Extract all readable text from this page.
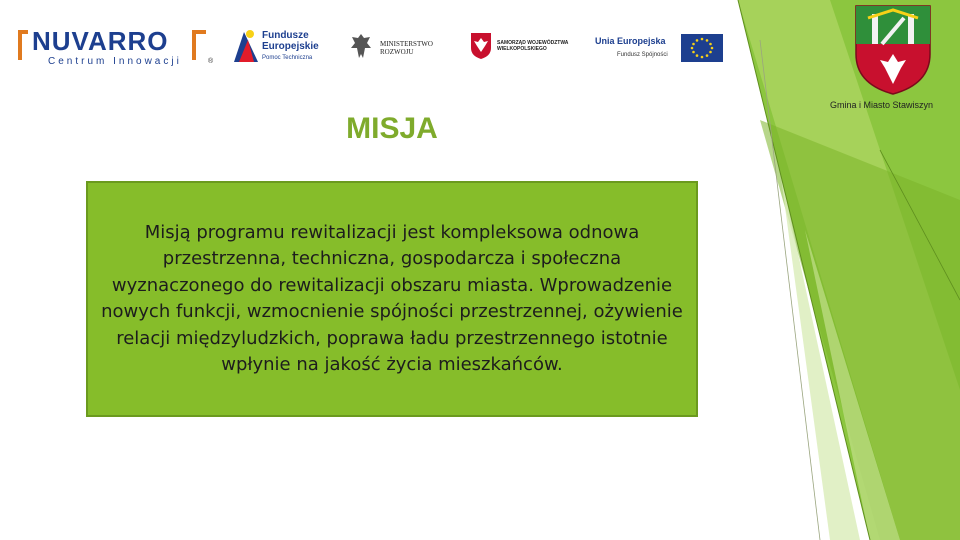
NUVARRO
Centrum Innowacji	®
Fundusze Europejskie
Pomoc Techniczna
MINISTERSTWO ROZWOJU
SAMORZĄD WOJEWÓDZTWA WIELKOPOLSKIEGO
Unia Europejska
Fundusz Spójności
Gmina i Miasto Stawiszyn
MISJA
Misją programu rewitalizacji jest kompleksowa odnowa przestrzenna, techniczna, gospodarcza i społeczna wyznaczonego do rewitalizacji obszaru miasta. Wprowadzenie nowych funkcji, wzmocnienie spójności przestrzennej, ożywienie relacji międzyludzkich, poprawa ładu przestrzennego istotnie wpłynie na jakość życia mieszkańców.
